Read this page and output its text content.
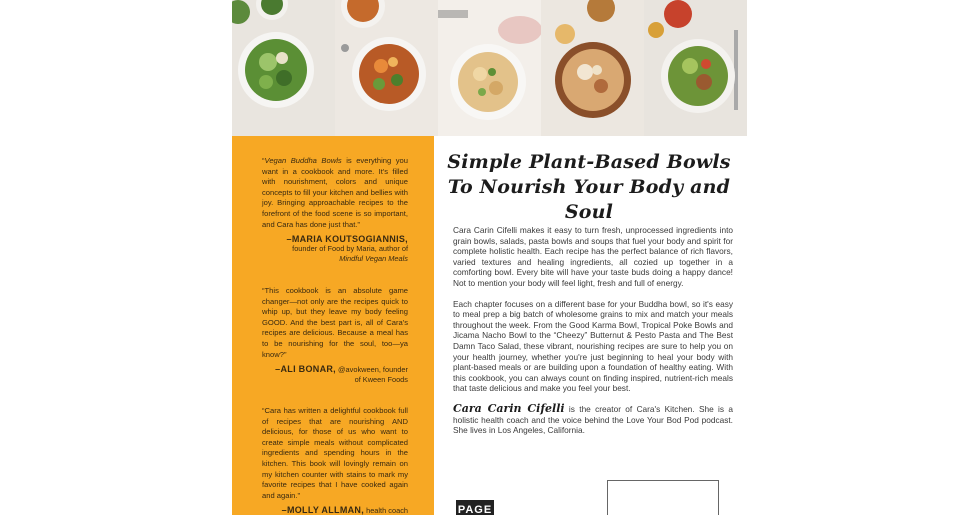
“Vegan Buddha Bowls is everything you want in a cookbook and more. It's filled with nourishment, colors and unique concepts to fill your kitchen and bellies with joy. Bringing approachable recipes to the forefront of the food scene is so important, and Cara has done just that.”

–MARIA KOUTSOGIANNIS,
founder of Food by Maria, author of
Mindful Vegan Meals

“This cookbook is an absolute game changer—not only are the recipes quick to whip up, but they leave my body feeling GOOD. And the best part is, all of Cara's recipes are delicious. Because a meal has to be nourishing for the soul, too—ya know?”

–ALI BONAR, @avokween, founder
of Kween Foods

“Cara has written a delightful cookbook full of recipes that are nourishing AND delicious, for those of us who want to create simple meals without complicated ingredients and spending hours in the kitchen. This book will lovingly remain on my kitchen counter with stains to mark my favorite recipes that I have cooked again and again.”

–MOLLY ALLMAN, health coach
Simple Plant-Based Bowls
To Nourish Your Body and Soul

Cara Carin Cifelli makes it easy to turn fresh, unprocessed ingredients into grain bowls, salads, pasta bowls and soups that fuel your body and spirit for complete holistic health. Each recipe has the perfect balance of rich flavors, varied textures and healing ingredients, all cozied up together in a comforting bowl. Every bite will have your taste buds doing a happy dance! Not to mention your body will feel light, fresh and full of energy.

Each chapter focuses on a different base for your Buddha bowl, so it's easy to meal prep a big batch of wholesome grains to mix and match your meals throughout the week. From the Good Karma Bowl, Tropical Poke Bowls and Jicama Nacho Bowl to the “Cheezy” Butternut & Pesto Pasta and The Best Damn Taco Salad, these vibrant, nourishing recipes are sure to help you on your health journey, whether you're just beginning to heal your body with plant-based meals or are building upon a foundation of healthy eating. With this cookbook, you can always count on finding inspired, nutrient-rich meals that taste delicious and make you feel your best.

Cara Carin Cifelli is the creator of Cara's Kitchen. She is a holistic health coach and the voice behind the Love Your Bod Pod podcast. She lives in Los Angeles, California.

PAGE
